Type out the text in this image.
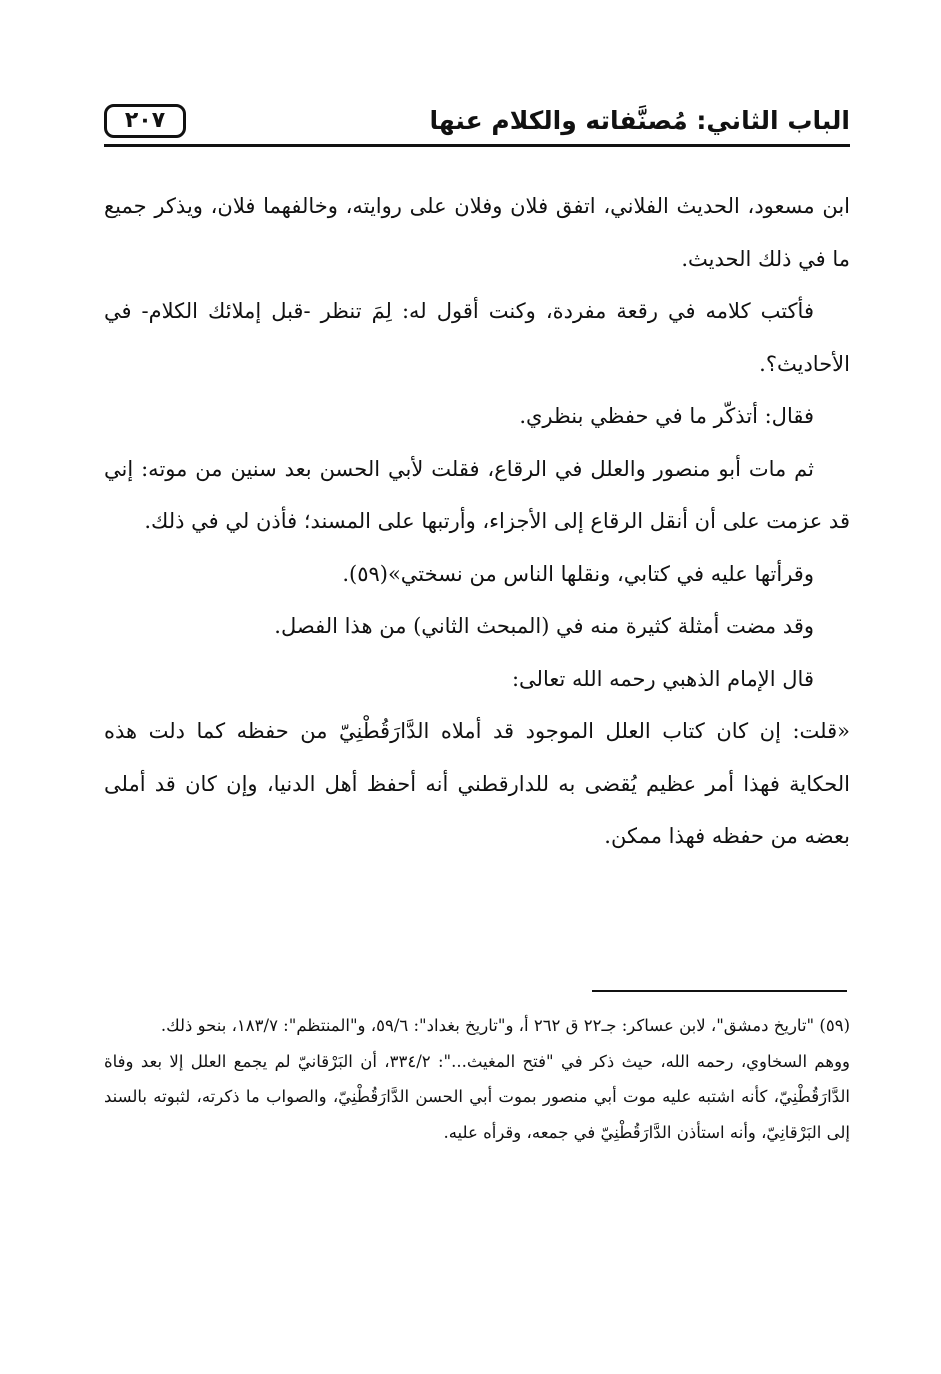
الباب الثاني: مُصنَّفاته والكلام عنها
٢٠٧

ابن مسعود، الحديث الفلاني، اتفق فلان وفلان على روايته، وخالفهما فلان، ويذكر جميع ما في ذلك الحديث.

فأكتب كلامه في رقعة مفردة، وكنت أقول له: لِمَ تنظر -قبل إملائك الكلام- في الأحاديث؟.

فقال: أتذكّر ما في حفظي بنظري.

ثم مات أبو منصور والعلل في الرقاع، فقلت لأبي الحسن بعد سنين من موته: إني قد عزمت على أن أنقل الرقاع إلى الأجزاء، وأرتبها على المسند؛ فأذن لي في ذلك.

وقرأتها عليه في كتابي، ونقلها الناس من نسختي»(٥٩).

وقد مضت أمثلة كثيرة منه في (المبحث الثاني) من هذا الفصل.

قال الإمام الذهبي رحمه الله تعالى:

«قلت: إن كان كتاب العلل الموجود قد أملاه الدَّارَقُطْنِيّ من حفظه كما دلت هذه الحكاية فهذا أمر عظيم يُقضى به للدارقطني أنه أحفظ أهل الدنيا، وإن كان قد أملى بعضه من حفظه فهذا ممكن.

(٥٩) "تاريخ دمشق"، لابن عساكر: جـ٢٢ ق ٢٦٢ أ، و"تاريخ بغداد": ٥٩/٦، و"المنتظم": ١٨٣/٧، بنحو ذلك.

ووهم السخاوي، رحمه الله، حيث ذكر في "فتح المغيث...": ٣٣٤/٢، أن البَرْقانيّ لم يجمع العلل إلا بعد وفاة الدَّارَقُطْنِيّ، كأنه اشتبه عليه موت أبي منصور بموت أبي الحسن الدَّارَقُطْنِيّ، والصواب ما ذكرته، لثبوته بالسند إلى البَرْقانِيّ، وأنه استأذن الدَّارَقُطْنِيّ في جمعه، وقرأه عليه.
